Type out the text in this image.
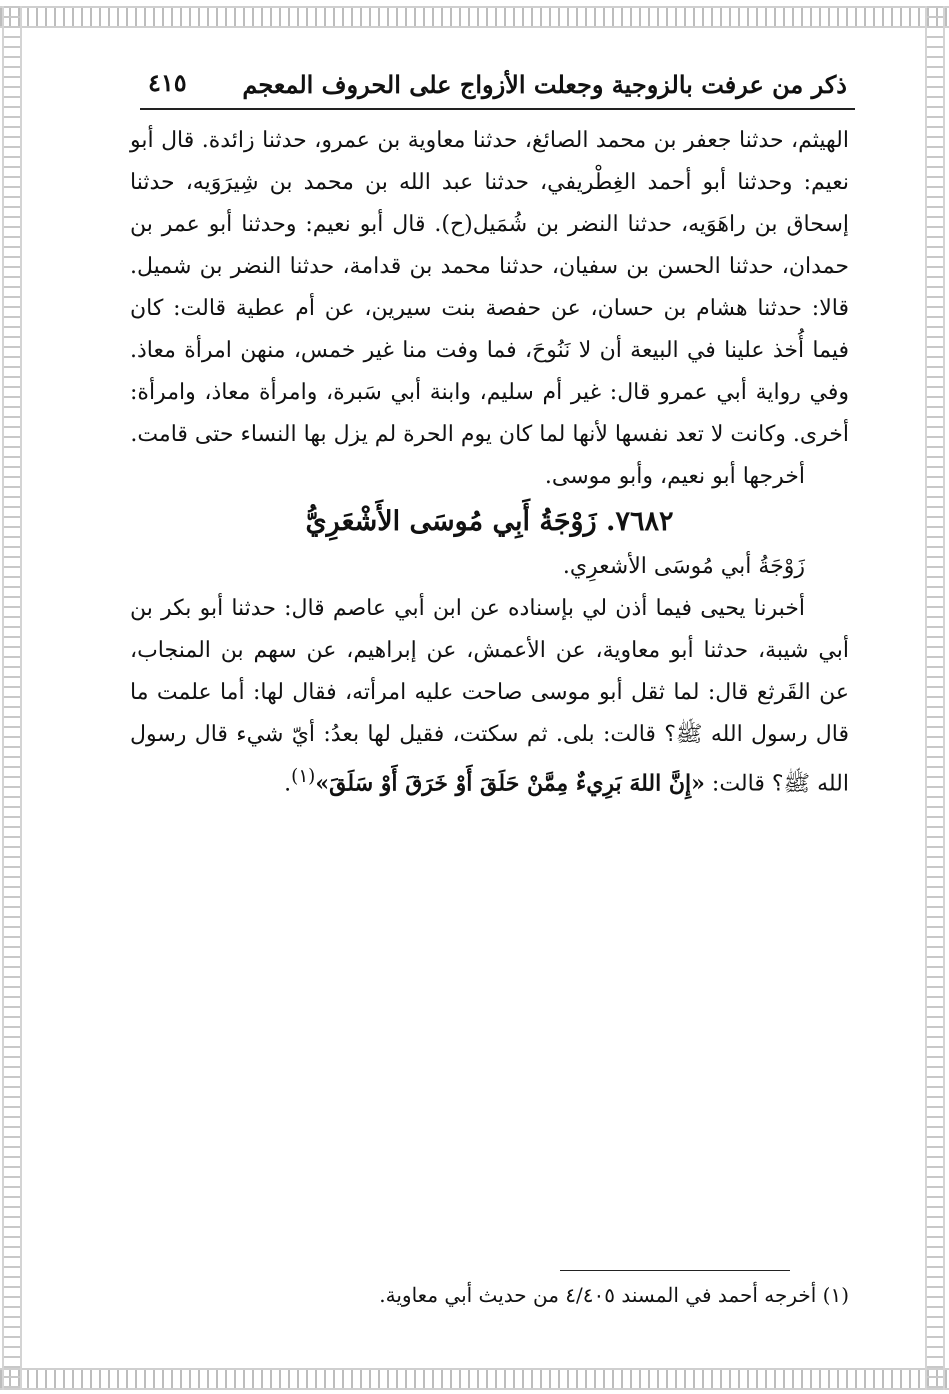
ذكر من عرفت بالزوجية وجعلت الأزواج على الحروف المعجم
٤١٥

الهيثم، حدثنا جعفر بن محمد الصائغ، حدثنا معاوية بن عمرو، حدثنا زائدة. قال أبو نعيم: وحدثنا أبو أحمد الغِطْريفي، حدثنا عبد الله بن محمد بن شِيرَوَيه، حدثنا إسحاق بن راهَوَيه، حدثنا النضر بن شُمَيل(ح). قال أبو نعيم: وحدثنا أبو عمر بن حمدان، حدثنا الحسن بن سفيان، حدثنا محمد بن قدامة، حدثنا النضر بن شميل. قالا: حدثنا هشام بن حسان، عن حفصة بنت سيرين، عن أم عطية قالت: كان فيما أُخذ علينا في البيعة أن لا نَنُوحَ، فما وفت منا غير خمس، منهن امرأة معاذ. وفي رواية أبي عمرو قال: غير أم سليم، وابنة أبي سَبرة، وامرأة معاذ، وامرأة: أخرى. وكانت لا تعد نفسها لأنها لما كان يوم الحرة لم يزل بها النساء حتى قامت.

أخرجها أبو نعيم، وأبو موسى.

٧٦٨٢. زَوْجَةُ أَبِي مُوسَى الأَشْعَرِيُّ

زَوْجَةُ أبي مُوسَى الأشعرِي.

أخبرنا يحيى فيما أذن لي بإسناده عن ابن أبي عاصم قال: حدثنا أبو بكر بن أبي شيبة، حدثنا أبو معاوية، عن الأعمش، عن إبراهيم، عن سهم بن المنجاب، عن القَرثع قال: لما ثقل أبو موسى صاحت عليه امرأته، فقال لها: أما علمت ما قال رسول الله ﷺ؟ قالت: بلى. ثم سكتت، فقيل لها بعدُ: أيّ شيء قال رسول الله ﷺ؟ قالت: «إِنَّ اللهَ بَرِيءٌ مِمَّنْ حَلَقَ أَوْ خَرَقَ أَوْ سَلَقَ»$^{(١)}$.

(١) أخرجه أحمد في المسند ٤/٤٠٥ من حديث أبي معاوية.
